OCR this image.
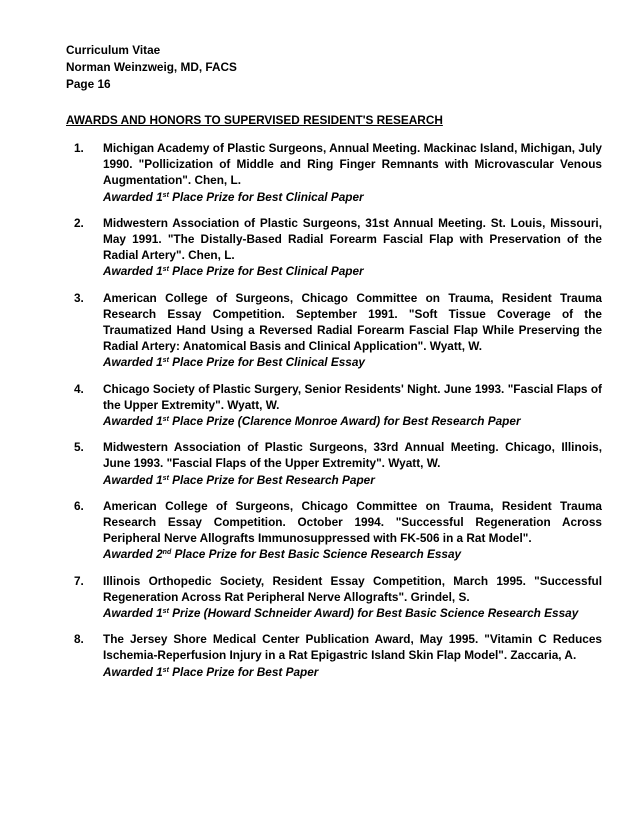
Curriculum Vitae
Norman Weinzweig, MD, FACS
Page 16
AWARDS AND HONORS TO SUPERVISED RESIDENT'S RESEARCH
1. Michigan Academy of Plastic Surgeons, Annual Meeting. Mackinac Island, Michigan, July 1990. "Pollicization of Middle and Ring Finger Remnants with Microvascular Venous Augmentation". Chen, L.
Awarded 1st Place Prize for Best Clinical Paper
2. Midwestern Association of Plastic Surgeons, 31st Annual Meeting. St. Louis, Missouri, May 1991. "The Distally-Based Radial Forearm Fascial Flap with Preservation of the Radial Artery". Chen, L.
Awarded 1st Place Prize for Best Clinical Paper
3. American College of Surgeons, Chicago Committee on Trauma, Resident Trauma Research Essay Competition. September 1991. "Soft Tissue Coverage of the Traumatized Hand Using a Reversed Radial Forearm Fascial Flap While Preserving the Radial Artery: Anatomical Basis and Clinical Application". Wyatt, W.
Awarded 1st Place Prize for Best Clinical Essay
4. Chicago Society of Plastic Surgery, Senior Residents' Night. June 1993. "Fascial Flaps of the Upper Extremity". Wyatt, W.
Awarded 1st Place Prize (Clarence Monroe Award) for Best Research Paper
5. Midwestern Association of Plastic Surgeons, 33rd Annual Meeting. Chicago, Illinois, June 1993. "Fascial Flaps of the Upper Extremity". Wyatt, W.
Awarded 1st Place Prize for Best Research Paper
6. American College of Surgeons, Chicago Committee on Trauma, Resident Trauma Research Essay Competition. October 1994. "Successful Regeneration Across Peripheral Nerve Allografts Immunosuppressed with FK-506 in a Rat Model".
Awarded 2nd Place Prize for Best Basic Science Research Essay
7. Illinois Orthopedic Society, Resident Essay Competition, March 1995. "Successful Regeneration Across Rat Peripheral Nerve Allografts". Grindel, S.
Awarded 1st Prize (Howard Schneider Award) for Best Basic Science Research Essay
8. The Jersey Shore Medical Center Publication Award, May 1995. "Vitamin C Reduces Ischemia-Reperfusion Injury in a Rat Epigastric Island Skin Flap Model". Zaccaria, A.
Awarded 1st Place Prize for Best Paper
